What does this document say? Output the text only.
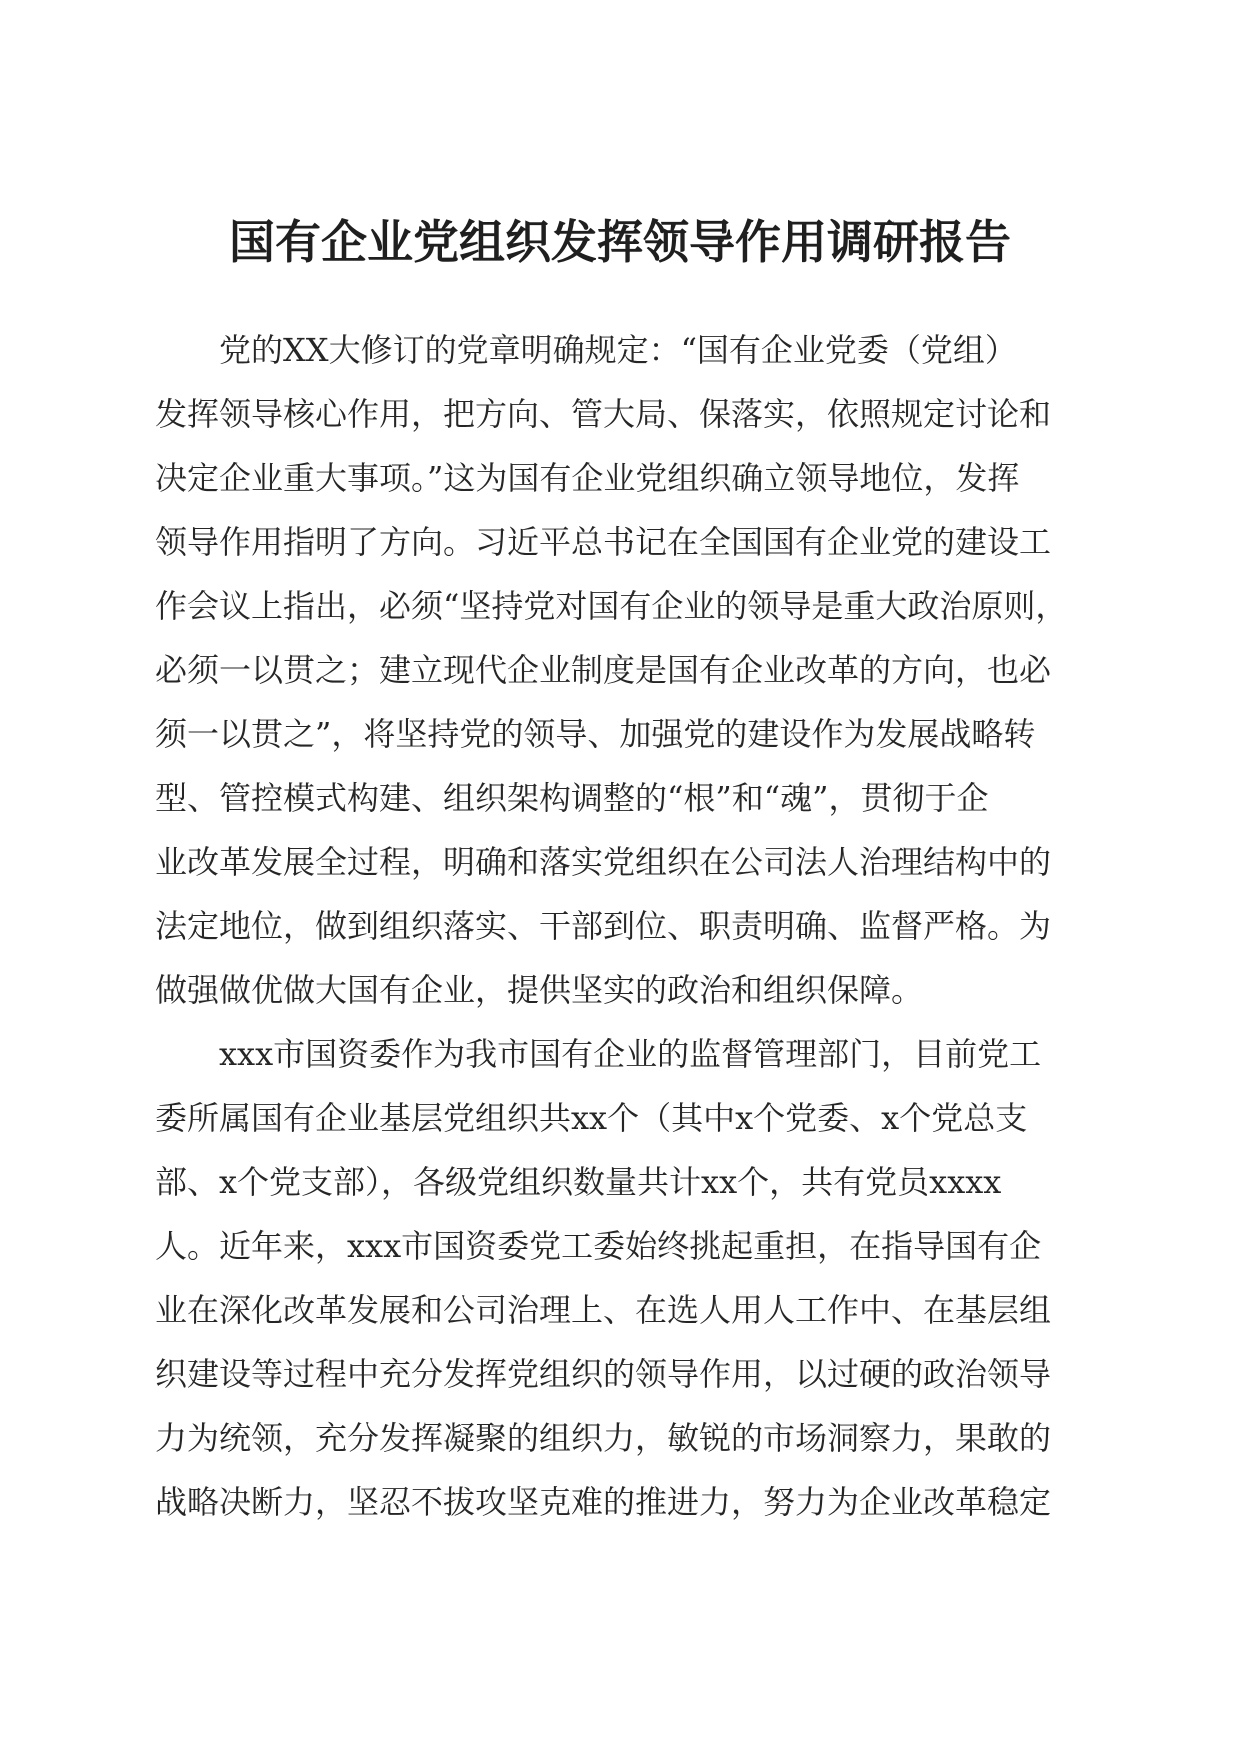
国有企业党组织发挥领导作用调研报告
党的XX大修订的党章明确规定：“国有企业党委（党组）
发挥领导核心作用，把方向、管大局、保落实，依照规定讨论和
决定企业重大事项。”这为国有企业党组织确立领导地位，发挥
领导作用指明了方向。习近平总书记在全国国有企业党的建设工
作会议上指出，必须“坚持党对国有企业的领导是重大政治原则，
必须一以贯之；建立现代企业制度是国有企业改革的方向，也必
须一以贯之”，将坚持党的领导、加强党的建设作为发展战略转
型、管控模式构建、组织架构调整的“根”和“魂”，贯彻于企
业改革发展全过程，明确和落实党组织在公司法人治理结构中的
法定地位，做到组织落实、干部到位、职责明确、监督严格。为
做强做优做大国有企业，提供坚实的政治和组织保障。
xxx市国资委作为我市国有企业的监督管理部门，目前党工
委所属国有企业基层党组织共xx个（其中x个党委、x个党总支
部、x个党支部），各级党组织数量共计xx个，共有党员xxxx
人。近年来，xxx市国资委党工委始终挑起重担，在指导国有企
业在深化改革发展和公司治理上、在选人用人工作中、在基层组
织建设等过程中充分发挥党组织的领导作用，以过硬的政治领导
力为统领，充分发挥凝聚的组织力，敏锐的市场洞察力，果敢的
战略决断力，坚忍不拔攻坚克难的推进力，努力为企业改革稳定
